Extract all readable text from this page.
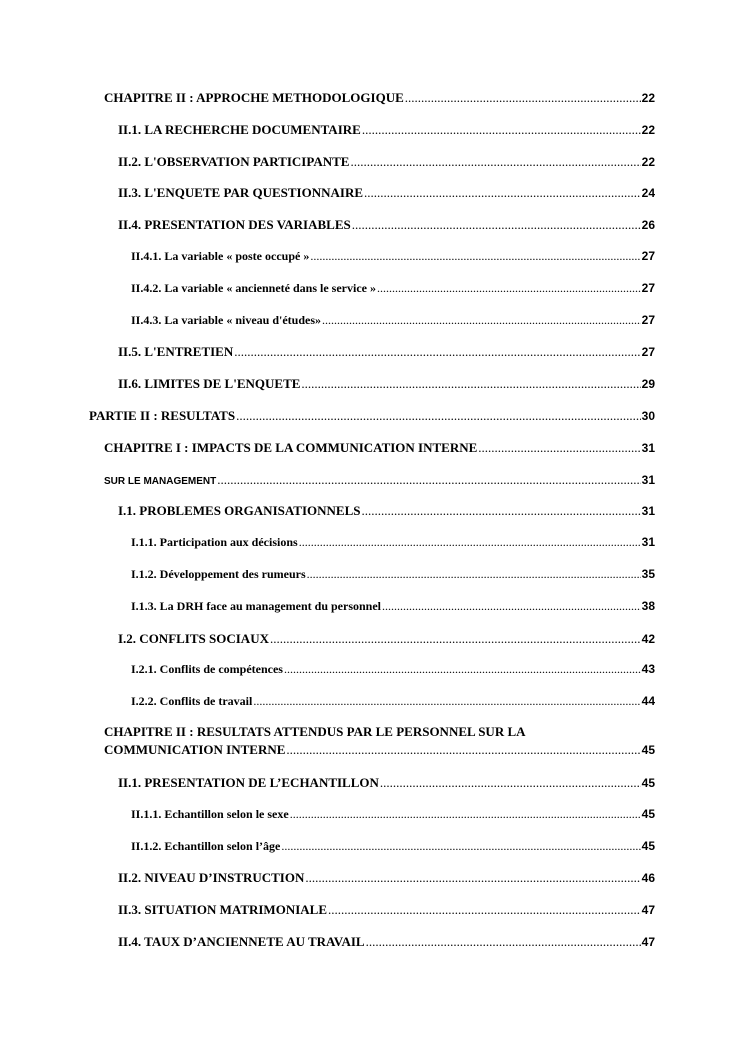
CHAPITRE II : APPROCHE METHODOLOGIQUE .....	22
II.1. LA RECHERCHE DOCUMENTAIRE .....	22
II.2. L'OBSERVATION PARTICIPANTE .....	22
II.3. L'ENQUETE PAR QUESTIONNAIRE .....	24
II.4. PRESENTATION DES VARIABLES .....	26
II.4.1. La variable « poste occupé » .....	27
II.4.2. La variable « ancienneté dans le service » .....	27
II.4.3. La variable « niveau d'études» .....	27
II.5. L'ENTRETIEN .....	27
II.6. LIMITES DE L'ENQUETE .....	29
PARTIE II : RESULTATS .....	30
CHAPITRE I : IMPACTS DE LA COMMUNICATION INTERNE .....	31
SUR LE MANAGEMENT .....	31
I.1. PROBLEMES ORGANISATIONNELS .....	31
I.1.1. Participation aux décisions .....	31
I.1.2. Développement des rumeurs .....	35
I.1.3. La DRH face au management du personnel .....	38
I.2. CONFLITS SOCIAUX .....	42
I.2.1. Conflits de compétences .....	43
I.2.2. Conflits de travail .....	44
CHAPITRE II : RESULTATS ATTENDUS PAR LE PERSONNEL SUR LA
COMMUNICATION INTERNE .....	45
II.1. PRESENTATION DE L’ECHANTILLON .....	45
II.1.1. Echantillon selon le sexe .....	45
II.1.2. Echantillon selon l’âge .....	45
II.2. NIVEAU D’INSTRUCTION .....	46
II.3. SITUATION MATRIMONIALE .....	47
II.4. TAUX D’ANCIENNETE AU TRAVAIL .....	47
